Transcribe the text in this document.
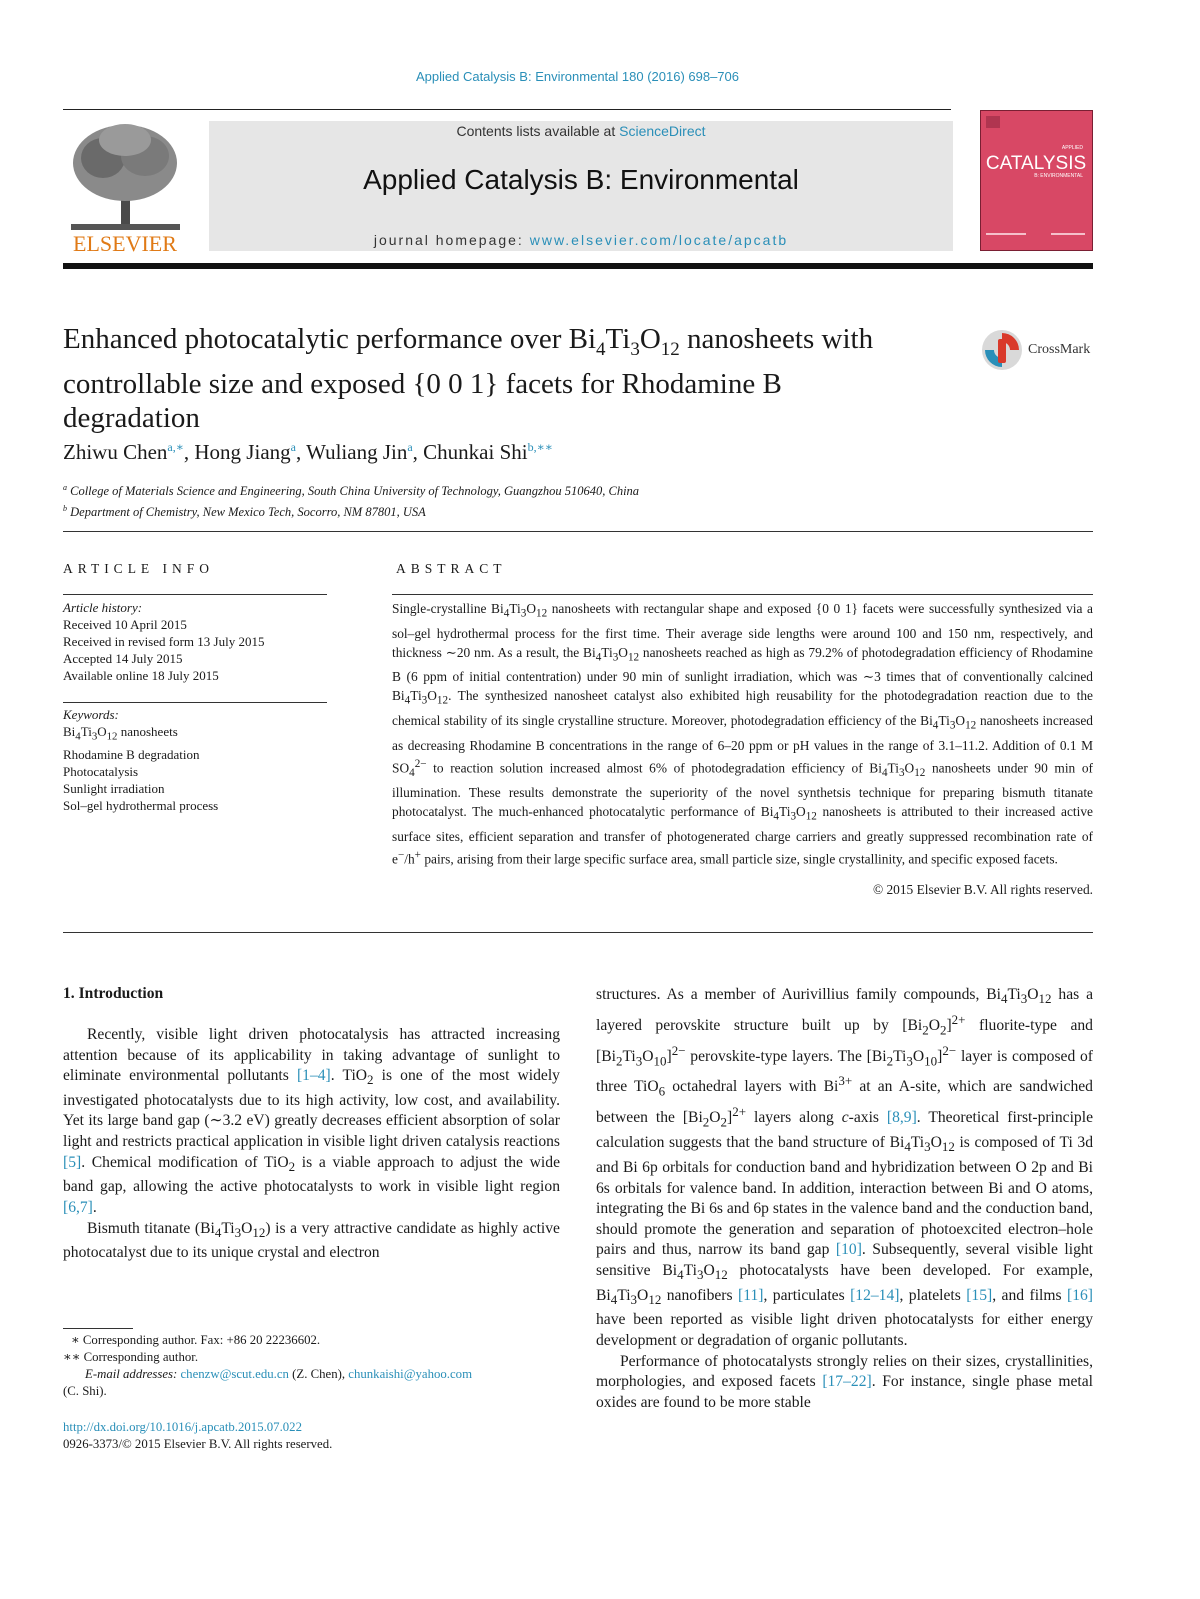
Applied Catalysis B: Environmental 180 (2016) 698–706
ELSEVIER
Contents lists available at ScienceDirect
Applied Catalysis B: Environmental
journal homepage: www.elsevier.com/locate/apcatb
APPLIED
CATALYSIS
B: ENVIRONMENTAL
Enhanced photocatalytic performance over $Bi_4Ti_3O_{12}$ nanosheets with
controllable size and exposed {0 0 1} facets for Rhodamine B
degradation
CrossMark
Zhiwu Chen$^{a,∗}$, Hong Jiang$^a$, Wuliang Jin$^a$, Chunkai Shi$^{b,∗∗}$
$^a$ College of Materials Science and Engineering, South China University of Technology, Guangzhou 510640, China
$^b$ Department of Chemistry, New Mexico Tech, Socorro, NM 87801, USA
ARTICLE INFO	ABSTRACT
Article history:
Received 10 April 2015
Received in revised form 13 July 2015
Accepted 14 July 2015
Available online 18 July 2015
Keywords:
$Bi_4Ti_3O_{12}$ nanosheets
Rhodamine B degradation
Photocatalysis
Sunlight irradiation
Sol–gel hydrothermal process
Single-crystalline $Bi_4Ti_3O_{12}$ nanosheets with rectangular shape and exposed {0 0 1} facets were successfully synthesized via a sol–gel hydrothermal process for the first time. Their average side lengths were around 100 and 150 nm, respectively, and thickness ∼20 nm. As a result, the $Bi_4Ti_3O_{12}$ nanosheets reached as high as 79.2% of photodegradation efficiency of Rhodamine B (6 ppm of initial contentration) under 90 min of sunlight irradiation, which was ∼3 times that of conventionally calcined $Bi_4Ti_3O_{12}$. The synthesized nanosheet catalyst also exhibited high reusability for the photodegradation reaction due to the chemical stability of its single crystalline structure. Moreover, photodegradation efficiency of the $Bi_4Ti_3O_{12}$ nanosheets increased as decreasing Rhodamine B concentrations in the range of 6–20 ppm or pH values in the range of 3.1–11.2. Addition of 0.1 M $SO_4^{2-}$ to reaction solution increased almost 6% of photodegradation efficiency of $Bi_4Ti_3O_{12}$ nanosheets under 90 min of illumination. These results demonstrate the superiority of the novel synthetsis technique for preparing bismuth titanate photocatalyst. The much-enhanced photocatalytic performance of $Bi_4Ti_3O_{12}$ nanosheets is attributed to their increased active surface sites, efficient separation and transfer of photogenerated charge carriers and greatly suppressed recombination rate of e−/h+ pairs, arising from their large specific surface area, small particle size, single crystallinity, and specific exposed facets.
© 2015 Elsevier B.V. All rights reserved.
1. Introduction

Recently, visible light driven photocatalysis has attracted increasing attention because of its applicability in taking advantage of sunlight to eliminate environmental pollutants [1–4]. TiO$_2$ is one of the most widely investigated photocatalysts due to its high activity, low cost, and availability. Yet its large band gap (∼3.2 eV) greatly decreases efficient absorption of solar light and restricts practical application in visible light driven catalysis reactions [5]. Chemical modification of TiO$_2$ is a viable approach to adjust the wide band gap, allowing the active photocatalysts to work in visible light region [6,7].

Bismuth titanate $(Bi_4Ti_3O_{12})$ is a very attractive candidate as highly active photocatalyst due to its unique crystal and electron

structures. As a member of Aurivillius family compounds, $Bi_4Ti_3O_{12}$ has a layered perovskite structure built up by $[Bi_2O_2]^{2+}$ fluorite-type and $[Bi_2Ti_3O_{10}]^{2-}$ perovskite-type layers. The $[Bi_2Ti_3O_{10}]^{2-}$ layer is composed of three TiO$_6$ octahedral layers with $Bi^{3+}$ at an A-site, which are sandwiched between the $[Bi_2O_2]^{2+}$ layers along c-axis [8,9]. Theoretical first-principle calculation suggests that the band structure of $Bi_4Ti_3O_{12}$ is composed of Ti 3d and Bi 6p orbitals for conduction band and hybridization between O 2p and Bi 6s orbitals for valence band. In addition, interaction between Bi and O atoms, integrating the Bi 6s and 6p states in the valence band and the conduction band, should promote the generation and separation of photoexcited electron–hole pairs and thus, narrow its band gap [10]. Subsequently, several visible light sensitive $Bi_4Ti_3O_{12}$ photocatalysts have been developed. For example, $Bi_4Ti_3O_{12}$ nanofibers [11], particulates [12–14], platelets [15], and films [16] have been reported as visible light driven photocatalysts for either energy development or degradation of organic pollutants.

Performance of photocatalysts strongly relies on their sizes, crystallinities, morphologies, and exposed facets [17–22]. For instance, single phase metal oxides are found to be more stable

∗ Corresponding author. Fax: +86 20 22236602.
∗∗ Corresponding author.
E-mail addresses: chenzw@scut.edu.cn (Z. Chen), chunkaishi@yahoo.com
(C. Shi).
http://dx.doi.org/10.1016/j.apcatb.2015.07.022
0926-3373/© 2015 Elsevier B.V. All rights reserved.
